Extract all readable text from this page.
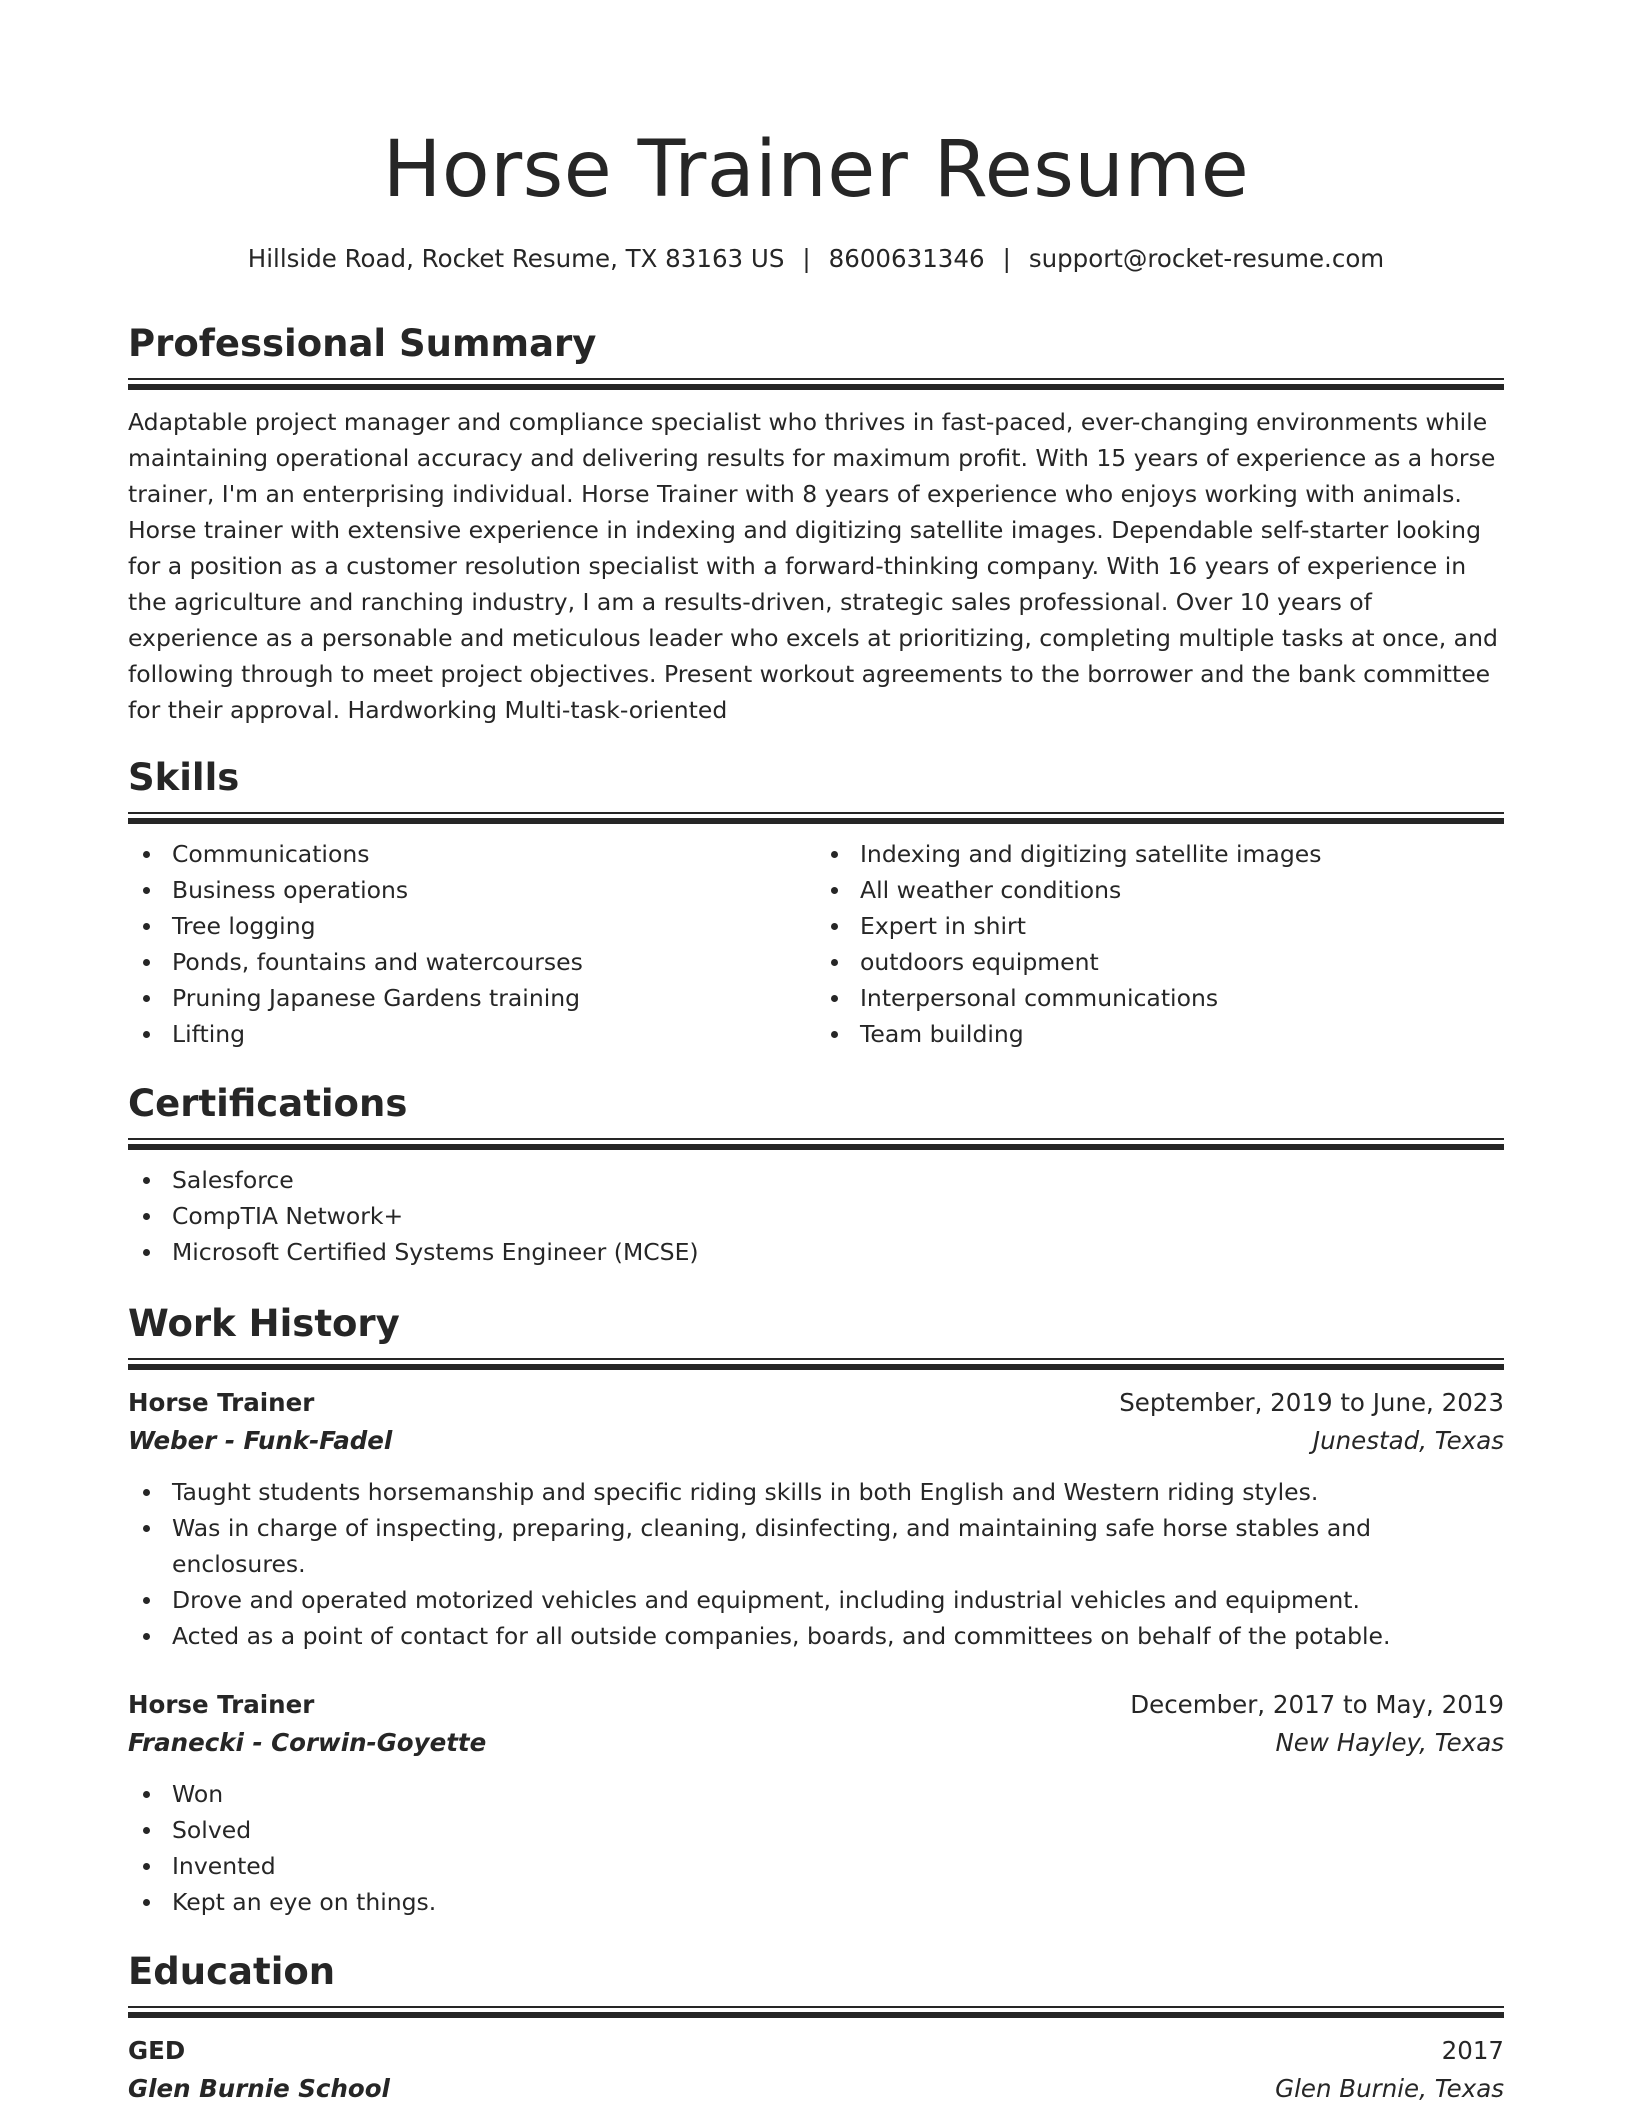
Horse Trainer Resume
Hillside Road, Rocket Resume, TX 83163 US | 8600631346 | support@rocket-resume.com
Professional Summary
Adaptable project manager and compliance specialist who thrives in fast-paced, ever-changing environments while maintaining operational accuracy and delivering results for maximum profit. With 15 years of experience as a horse trainer, I'm an enterprising individual. Horse Trainer with 8 years of experience who enjoys working with animals. Horse trainer with extensive experience in indexing and digitizing satellite images. Dependable self-starter looking for a position as a customer resolution specialist with a forward-thinking company. With 16 years of experience in the agriculture and ranching industry, I am a results-driven, strategic sales professional. Over 10 years of experience as a personable and meticulous leader who excels at prioritizing, completing multiple tasks at once, and following through to meet project objectives. Present workout agreements to the borrower and the bank committee for their approval. Hardworking Multi-task-oriented
Skills
Communications
Business operations
Tree logging
Ponds, fountains and watercourses
Pruning Japanese Gardens training
Lifting
Indexing and digitizing satellite images
All weather conditions
Expert in shirt
outdoors equipment
Interpersonal communications
Team building
Certifications
Salesforce
CompTIA Network+
Microsoft Certified Systems Engineer (MCSE)
Work History
Horse Trainer	September, 2019 to June, 2023
Weber - Funk-Fadel	Junestad, Texas
Taught students horsemanship and specific riding skills in both English and Western riding styles.
Was in charge of inspecting, preparing, cleaning, disinfecting, and maintaining safe horse stables and enclosures.
Drove and operated motorized vehicles and equipment, including industrial vehicles and equipment.
Acted as a point of contact for all outside companies, boards, and committees on behalf of the potable.
Horse Trainer	December, 2017 to May, 2019
Franecki - Corwin-Goyette	New Hayley, Texas
Won
Solved
Invented
Kept an eye on things.
Education
GED	2017
Glen Burnie School	Glen Burnie, Texas
